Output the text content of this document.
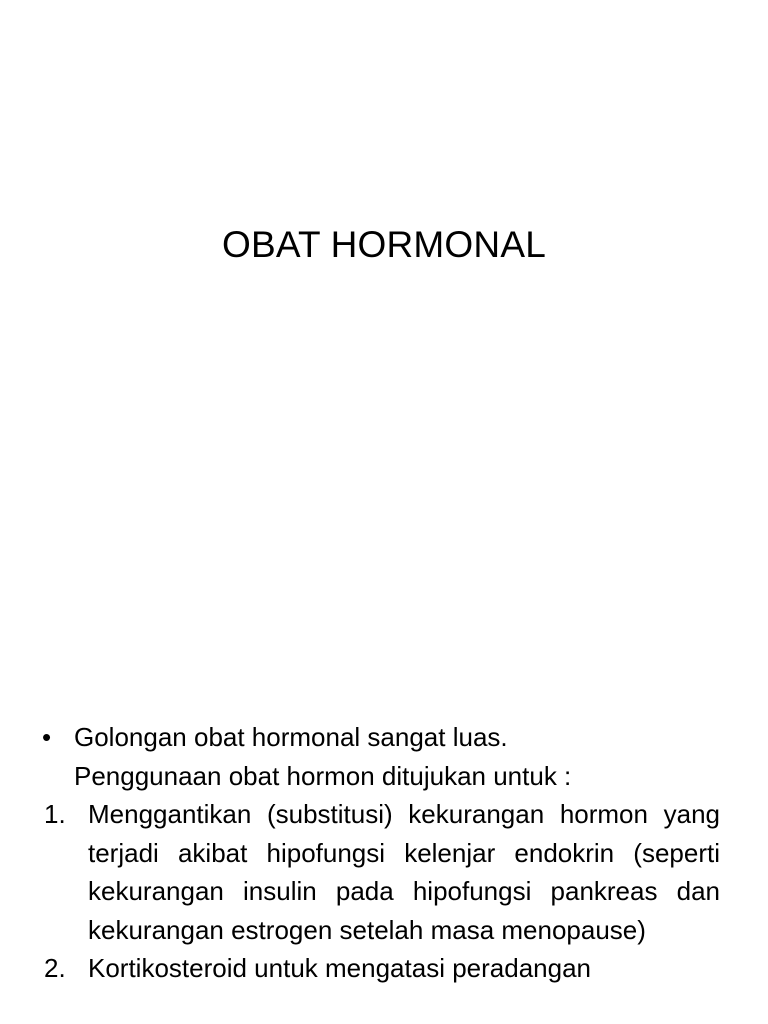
OBAT HORMONAL
• Golongan obat hormonal sangat luas.
Penggunaan obat hormon ditujukan untuk :
1. Menggantikan (substitusi) kekurangan hormon yang terjadi akibat hipofungsi kelenjar endokrin (seperti kekurangan insulin pada hipofungsi pankreas dan kekurangan estrogen setelah masa menopause)
2. Kortikosteroid untuk mengatasi peradangan
